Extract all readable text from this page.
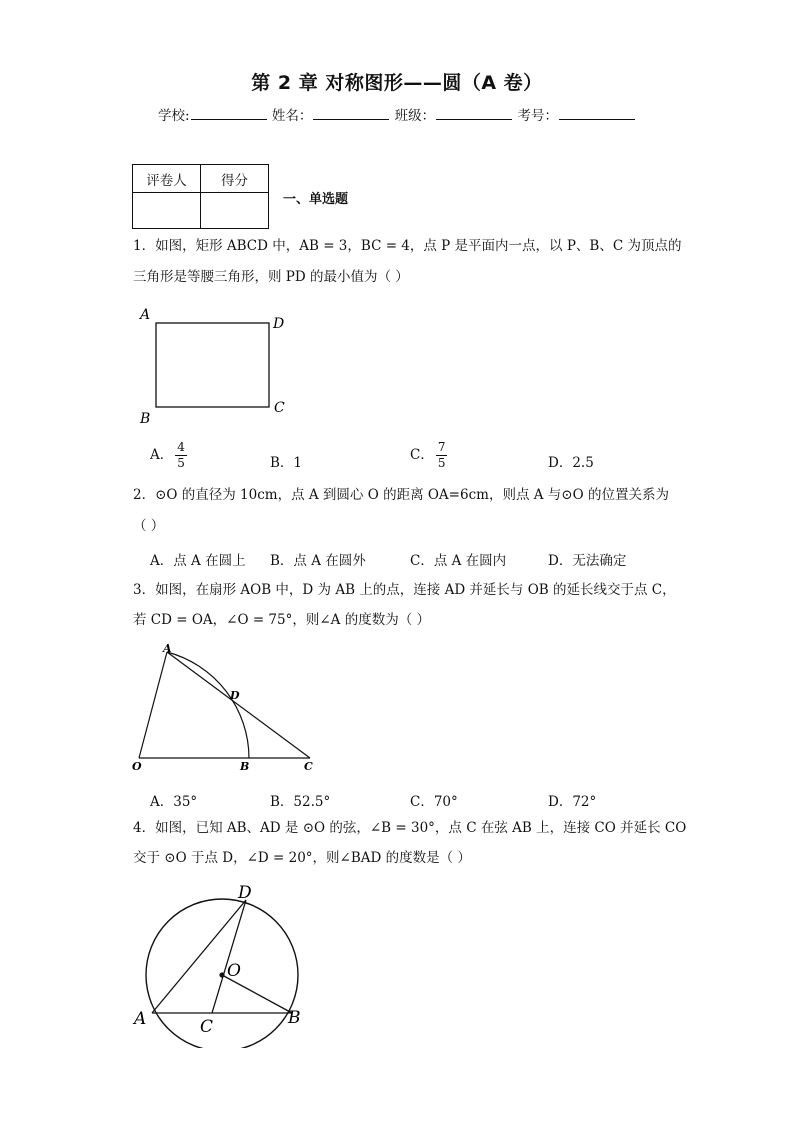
第 2 章 对称图形——圆（A 卷）
学校:	姓名：	班级：	考号：
评卷人	得分

一、单选题
1．如图，矩形 ABCD 中，AB = 3，BC = 4，点 P 是平面内一点，以 P、B、C 为顶点的
三角形是等腰三角形，则 PD 的最小值为（ ）
A
D
B
C
A． $\frac{4}{5}$	B．1	C． $\frac{7}{5}$	D．2.5
2．⊙O 的直径为 10cm，点 A 到圆心 O 的距离 OA=6cm，则点 A 与⊙O 的位置关系为
（ ）
A．点 A 在圆上 B．点 A 在圆外	C．点 A 在圆内	D．无法确定
3．如图，在扇形 AOB 中，D 为 AB 上的点，连接 AD 并延长与 OB 的延长线交于点 C，
若 CD = OA，∠O = 75°，则∠A 的度数为（ ）
A
D
O	B	C
A．35°	B．52.5°	C．70°	D．72°
4．如图，已知 AB、AD 是 ⊙O 的弦，∠B = 30°，点 C 在弦 AB 上，连接 CO 并延长 CO
交于 ⊙O 于点 D，∠D = 20°，则∠BAD 的度数是（ ）
D
O
A	C	B
